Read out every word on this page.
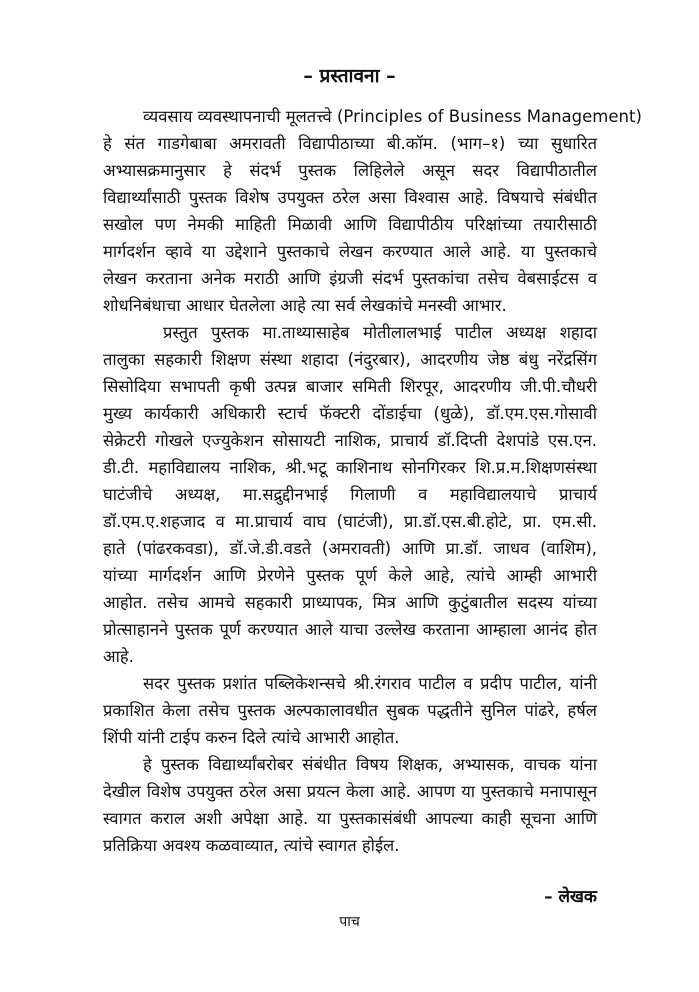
– प्रस्तावना –
व्यवसाय व्यवस्थापनाची मूलतत्त्वे (Principles of Business Management)
हे संत गाडगेबाबा अमरावती विद्यापीठाच्या बी.कॉम. (भाग–१) च्या सुधारित
अभ्यासक्रमानुसार हे संदर्भ पुस्तक लिहिलेले असून सदर विद्यापीठातील
विद्यार्थ्यांसाठी पुस्तक विशेष उपयुक्त ठरेल असा विश्वास आहे. विषयाचे संबंधीत
सखोल पण नेमकी माहिती मिळावी आणि विद्यापीठीय परिक्षांच्या तयारीसाठी
मार्गदर्शन व्हावे या उद्देशाने पुस्तकाचे लेखन करण्यात आले आहे. या पुस्तकाचे
लेखन करताना अनेक मराठी आणि इंग्रजी संदर्भ पुस्तकांचा तसेच वेबसाईटस व
शोधनिबंधाचा आधार घेतलेला आहे त्या सर्व लेखकांचे मनस्वी आभार.
प्रस्तुत पुस्तक मा.ताथ्यासाहेब मोतीलालभाई पाटील अध्यक्ष शहादा
तालुका सहकारी शिक्षण संस्था शहादा (नंदुरबार), आदरणीय जेष्ठ बंधु नरेंद्रसिंग
सिसोदिया सभापती कृषी उत्पन्न बाजार समिती शिरपूर, आदरणीय जी.पी.चौधरी
मुख्य कार्यकारी अधिकारी स्टार्च फॅक्टरी दोंडाईचा (धुळे), डॉ.एम.एस.गोसावी
सेक्रेटरी गोखले एज्युकेशन सोसायटी नाशिक, प्राचार्य डॉ.दिप्ती देशपांडे एस.एन.
डी.टी. महाविद्यालय नाशिक, श्री.भटू काशिनाथ सोनगिरकर शि.प्र.म.शिक्षणसंस्था
घाटंजीचे अध्यक्ष, मा.सद्रुद्दीनभाई गिलाणी व महाविद्यालयाचे प्राचार्य
डॉ.एम.ए.शहजाद व मा.प्राचार्य वाघ (घाटंजी), प्रा.डॉ.एस.बी.होटे, प्रा. एम.सी.
हाते (पांढरकवडा), डॉ.जे.डी.वडते (अमरावती) आणि प्रा.डॉ. जाधव (वाशिम),
यांच्या मार्गदर्शन आणि प्रेरणेने पुस्तक पूर्ण केले आहे, त्यांचे आम्ही आभारी
आहोत. तसेच आमचे सहकारी प्राध्यापक, मित्र आणि कुटुंबातील सदस्य यांच्या
प्रोत्साहानने पुस्तक पूर्ण करण्यात आले याचा उल्लेख करताना आम्हाला आनंद होत
आहे.
सदर पुस्तक प्रशांत पब्लिकेशन्सचे श्री.रंगराव पाटील व प्रदीप पाटील, यांनी
प्रकाशित केला तसेच पुस्तक अल्पकालावधीत सुबक पद्धतीने सुनिल पांढरे, हर्षल
शिंपी यांनी टाईप करुन दिले त्यांचे आभारी आहोत.
हे पुस्तक विद्यार्थ्यांबरोबर संबंधीत विषय शिक्षक, अभ्यासक, वाचक यांना
देखील विशेष उपयुक्त ठरेल असा प्रयत्न केला आहे. आपण या पुस्तकाचे मनापासून
स्वागत कराल अशी अपेक्षा आहे. या पुस्तकासंबंधी आपल्या काही सूचना आणि
प्रतिक्रिया अवश्य कळवाव्यात, त्यांचे स्वागत होईल.
– लेखक
पाच
